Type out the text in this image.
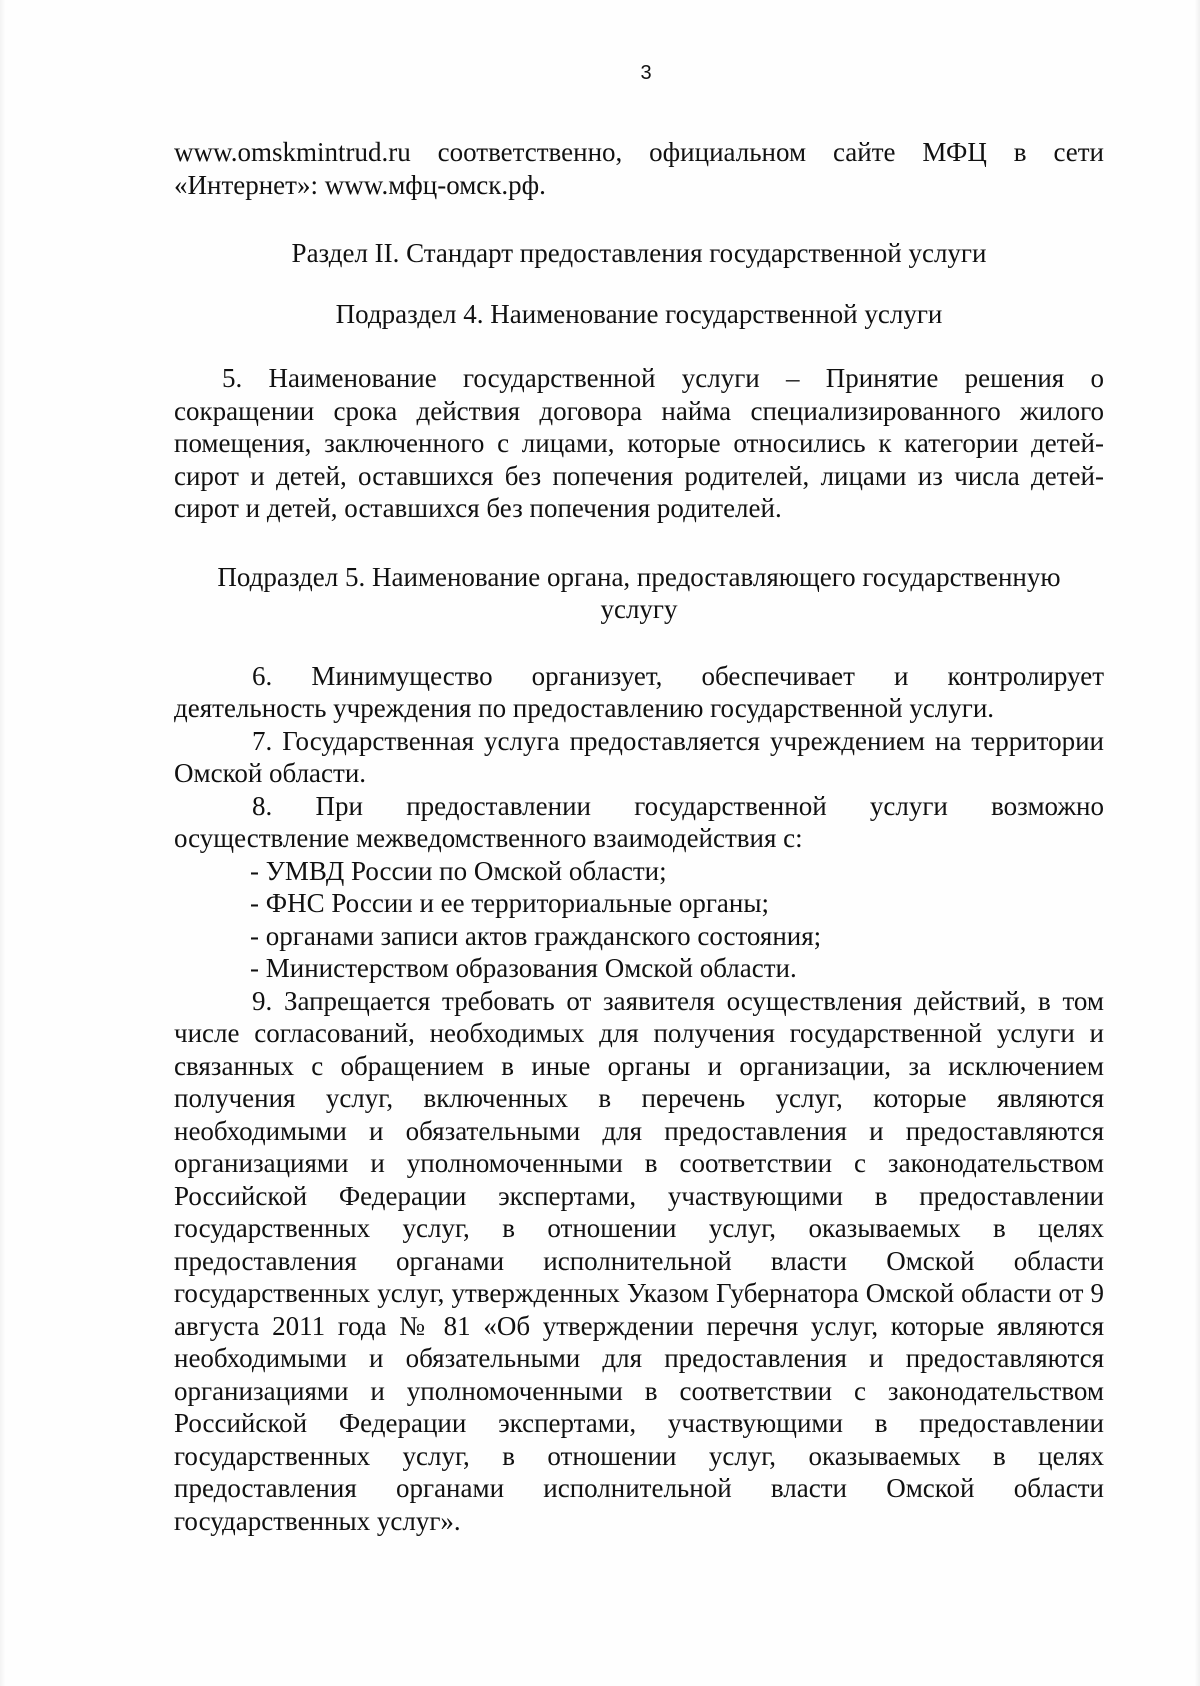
3

www.omskmintrud.ru соответственно, официальном сайте МФЦ в сети

«Интернет»: www.мфц-омск.рф.

Раздел II. Стандарт предоставления государственной услуги

Подраздел 4. Наименование государственной услуги

5. Наименование государственной услуги – Принятие решения о сокращении срока действия договора найма специализированного жилого помещения, заключенного с лицами, которые относились к категории детей-сирот и детей, оставшихся без попечения родителей, лицами из числа детей-сирот и детей, оставшихся без попечения родителей.

Подраздел 5. Наименование органа, предоставляющего государственную

услугу

6. Минимущество организует, обеспечивает и контролирует

деятельность учреждения по предоставлению государственной услуги.

7. Государственная услуга предоставляется учреждением на территории Омской области.

8. При предоставлении государственной услуги возможно

осуществление межведомственного взаимодействия с:

- УМВД России по Омской области;

- ФНС России и ее территориальные органы;

- органами записи актов гражданского состояния;

- Министерством образования Омской области.

9. Запрещается требовать от заявителя осуществления действий, в том числе согласований, необходимых для получения государственной услуги и связанных с обращением в иные органы и организации, за исключением получения услуг, включенных в перечень услуг, которые являются необходимыми и обязательными для предоставления и предоставляются организациями и уполномоченными в соответствии с законодательством Российской Федерации экспертами, участвующими в предоставлении государственных услуг, в отношении услуг, оказываемых в целях предоставления органами исполнительной власти Омской области государственных услуг, утвержденных Указом Губернатора Омской области от 9 августа 2011 года № 81 «Об утверждении перечня услуг, которые являются необходимыми и обязательными для предоставления и предоставляются организациями и уполномоченными в соответствии с законодательством Российской Федерации экспертами, участвующими в предоставлении государственных услуг, в отношении услуг, оказываемых в целях предоставления органами исполнительной власти Омской области государственных услуг».
